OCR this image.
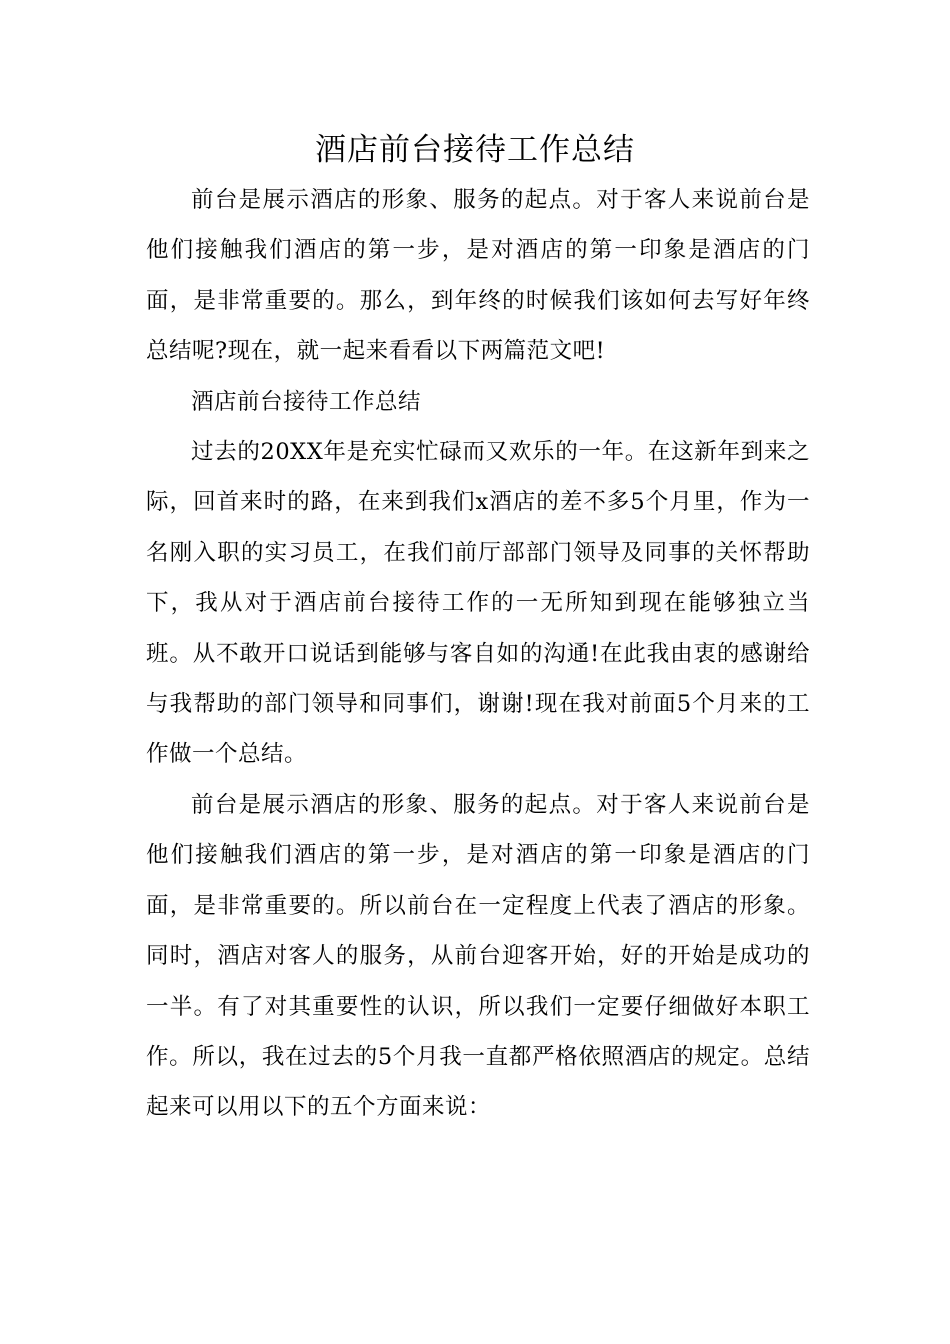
酒店前台接待工作总结

前台是展示酒店的形象、服务的起点。对于客人来说前台是他们接触我们酒店的第一步，是对酒店的第一印象是酒店的门面，是非常重要的。那么，到年终的时候我们该如何去写好年终总结呢?现在，就一起来看看以下两篇范文吧!

酒店前台接待工作总结

过去的20XX年是充实忙碌而又欢乐的一年。在这新年到来之际，回首来时的路，在来到我们x酒店的差不多5个月里，作为一名刚入职的实习员工，在我们前厅部部门领导及同事的关怀帮助下，我从对于酒店前台接待工作的一无所知到现在能够独立当班。从不敢开口说话到能够与客自如的沟通!在此我由衷的感谢给与我帮助的部门领导和同事们，谢谢!现在我对前面5个月来的工作做一个总结。

前台是展示酒店的形象、服务的起点。对于客人来说前台是他们接触我们酒店的第一步，是对酒店的第一印象是酒店的门面，是非常重要的。所以前台在一定程度上代表了酒店的形象。同时，酒店对客人的服务，从前台迎客开始，好的开始是成功的一半。有了对其重要性的认识，所以我们一定要仔细做好本职工作。所以，我在过去的5个月我一直都严格依照酒店的规定。总结起来可以用以下的五个方面来说：
